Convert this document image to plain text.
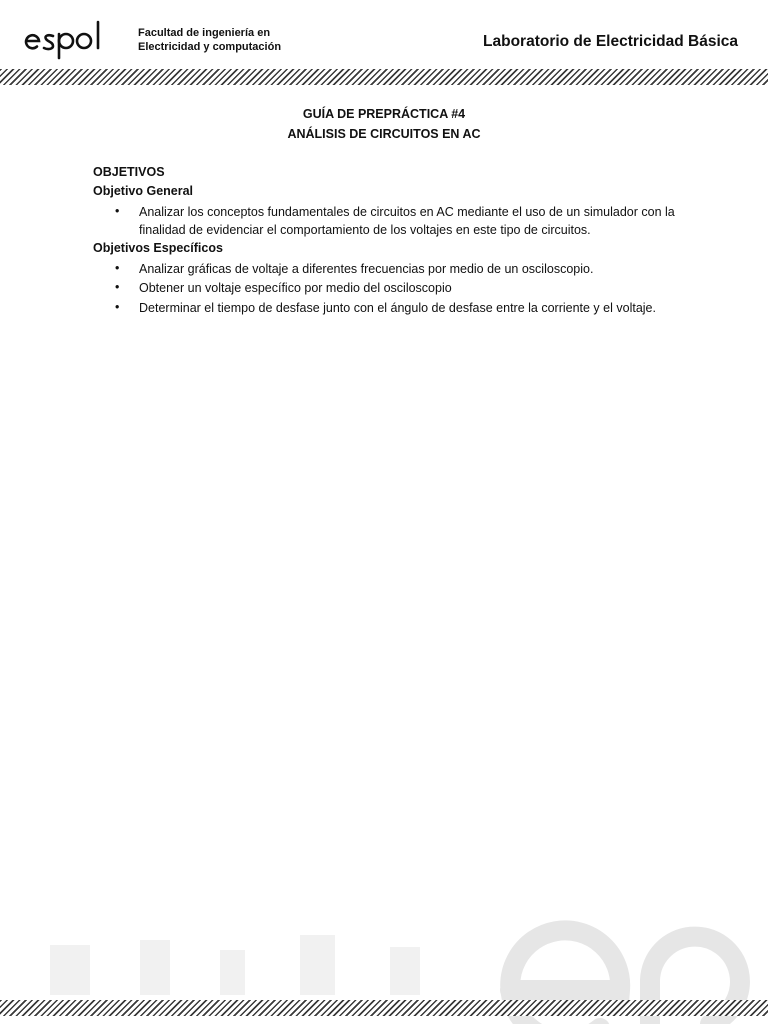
Facultad de ingeniería en
Electricidad y computación	Laboratorio de Electricidad Básica
GUÍA DE PREPRÁCTICA #4
ANÁLISIS DE CIRCUITOS EN AC
OBJETIVOS
Objetivo General
• Analizar los conceptos fundamentales de circuitos en AC mediante el uso de un simulador con la finalidad de evidenciar el comportamiento de los voltajes en este tipo de circuitos.
Objetivos Específicos
• Analizar gráficas de voltaje a diferentes frecuencias por medio de un osciloscopio.
• Obtener un voltaje específico por medio del osciloscopio
• Determinar el tiempo de desfase junto con el ángulo de desfase entre la corriente y el voltaje.
